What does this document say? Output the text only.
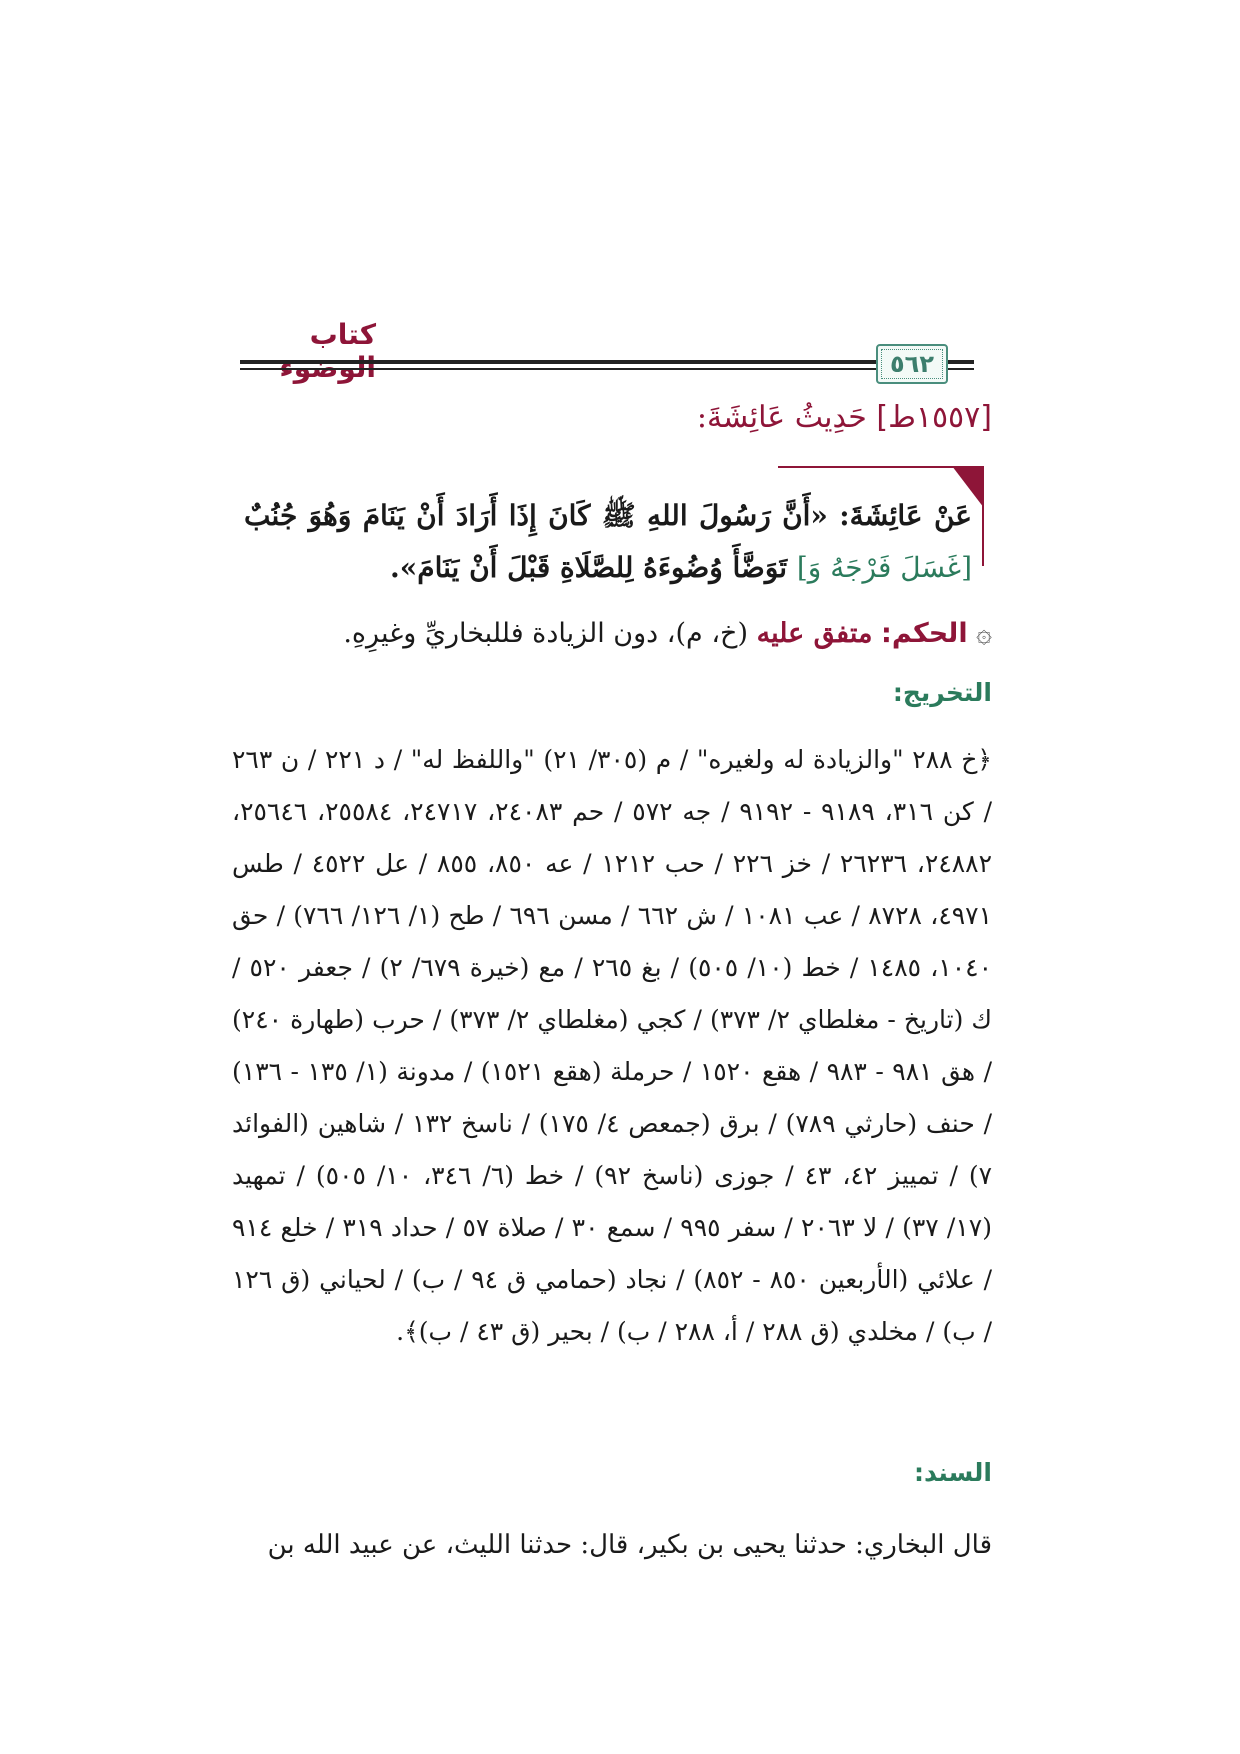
كتاب
٥٦٢
[١٥٥٧ط] حَدِيثُ عَائِشَةَ:
عَنْ عَائِشَةَ: «أَنَّ رَسُولَ اللهِ ﷺ كَانَ إِذَا أَرَادَ أَنْ يَنَامَ وَهُوَ جُنُبٌ [غَسَلَ فَرْجَهُ وَ] تَوَضَّأَ وُضُوءَهُ لِلصَّلَاةِ قَبْلَ أَنْ يَنَامَ».
۞ الحكم: متفق عليه (خ، م)، دون الزيادة فللبخاريِّ وغيرِهِ.
التخريج:
﴿خ ٢٨٨ "والزيادة له ولغيره" / م (٣٠٥/ ٢١) "واللفظ له" / د ٢٢١ / ن ٢٦٣ / كن ٣١٦، ٩١٨٩ - ٩١٩٢ / جه ٥٧٢ / حم ٢٤٠٨٣، ٢٤٧١٧، ٢٥٥٨٤، ٢٥٦٤٦، ٢٤٨٨٢، ٢٦٢٣٦ / خز ٢٢٦ / حب ١٢١٢ / عه ٨٥٠، ٨٥٥ / عل ٤٥٢٢ / طس ٤٩٧١، ٨٧٢٨ / عب ١٠٨١ / ش ٦٦٢ / مسن ٦٩٦ / طح (١/ ١٢٦/ ٧٦٦) / حق ١٠٤٠، ١٤٨٥ / خط (١٠/ ٥٠٥) / بغ ٢٦٥ / مع (خيرة ٦٧٩/ ٢) / جعفر ٥٢٠ / ك (تاريخ - مغلطاي ٢/ ٣٧٣) / كجي (مغلطاي ٢/ ٣٧٣) / حرب (طهارة ٢٤٠) / هق ٩٨١ - ٩٨٣ / هقع ١٥٢٠ / حرملة (هقع ١٥٢١) / مدونة (١/ ١٣٥ - ١٣٦) / حنف (حارثي ٧٨٩) / برق (جمعص ٤/ ١٧٥) / ناسخ ١٣٢ / شاهين (الفوائد ٧) / تمييز ٤٢، ٤٣ / جوزى (ناسخ ٩٢) / خط (٦/ ٣٤٦، ١٠/ ٥٠٥) / تمهيد (١٧/ ٣٧) / لا ٢٠٦٣ / سفر ٩٩٥ / سمع ٣٠ / صلاة ٥٧ / حداد ٣١٩ / خلع ٩١٤ / علائي (الأربعين ٨٥٠ - ٨٥٢) / نجاد (حمامي ق ٩٤ / ب) / لحياني (ق ١٢٦ / ب) / مخلدي (ق ٢٨٨ / أ، ٢٨٨ / ب) / بحير (ق ٤٣ / ب)﴾.
السند:
قال البخاري: حدثنا يحيى بن بكير، قال: حدثنا الليث، عن عبيد الله بن
